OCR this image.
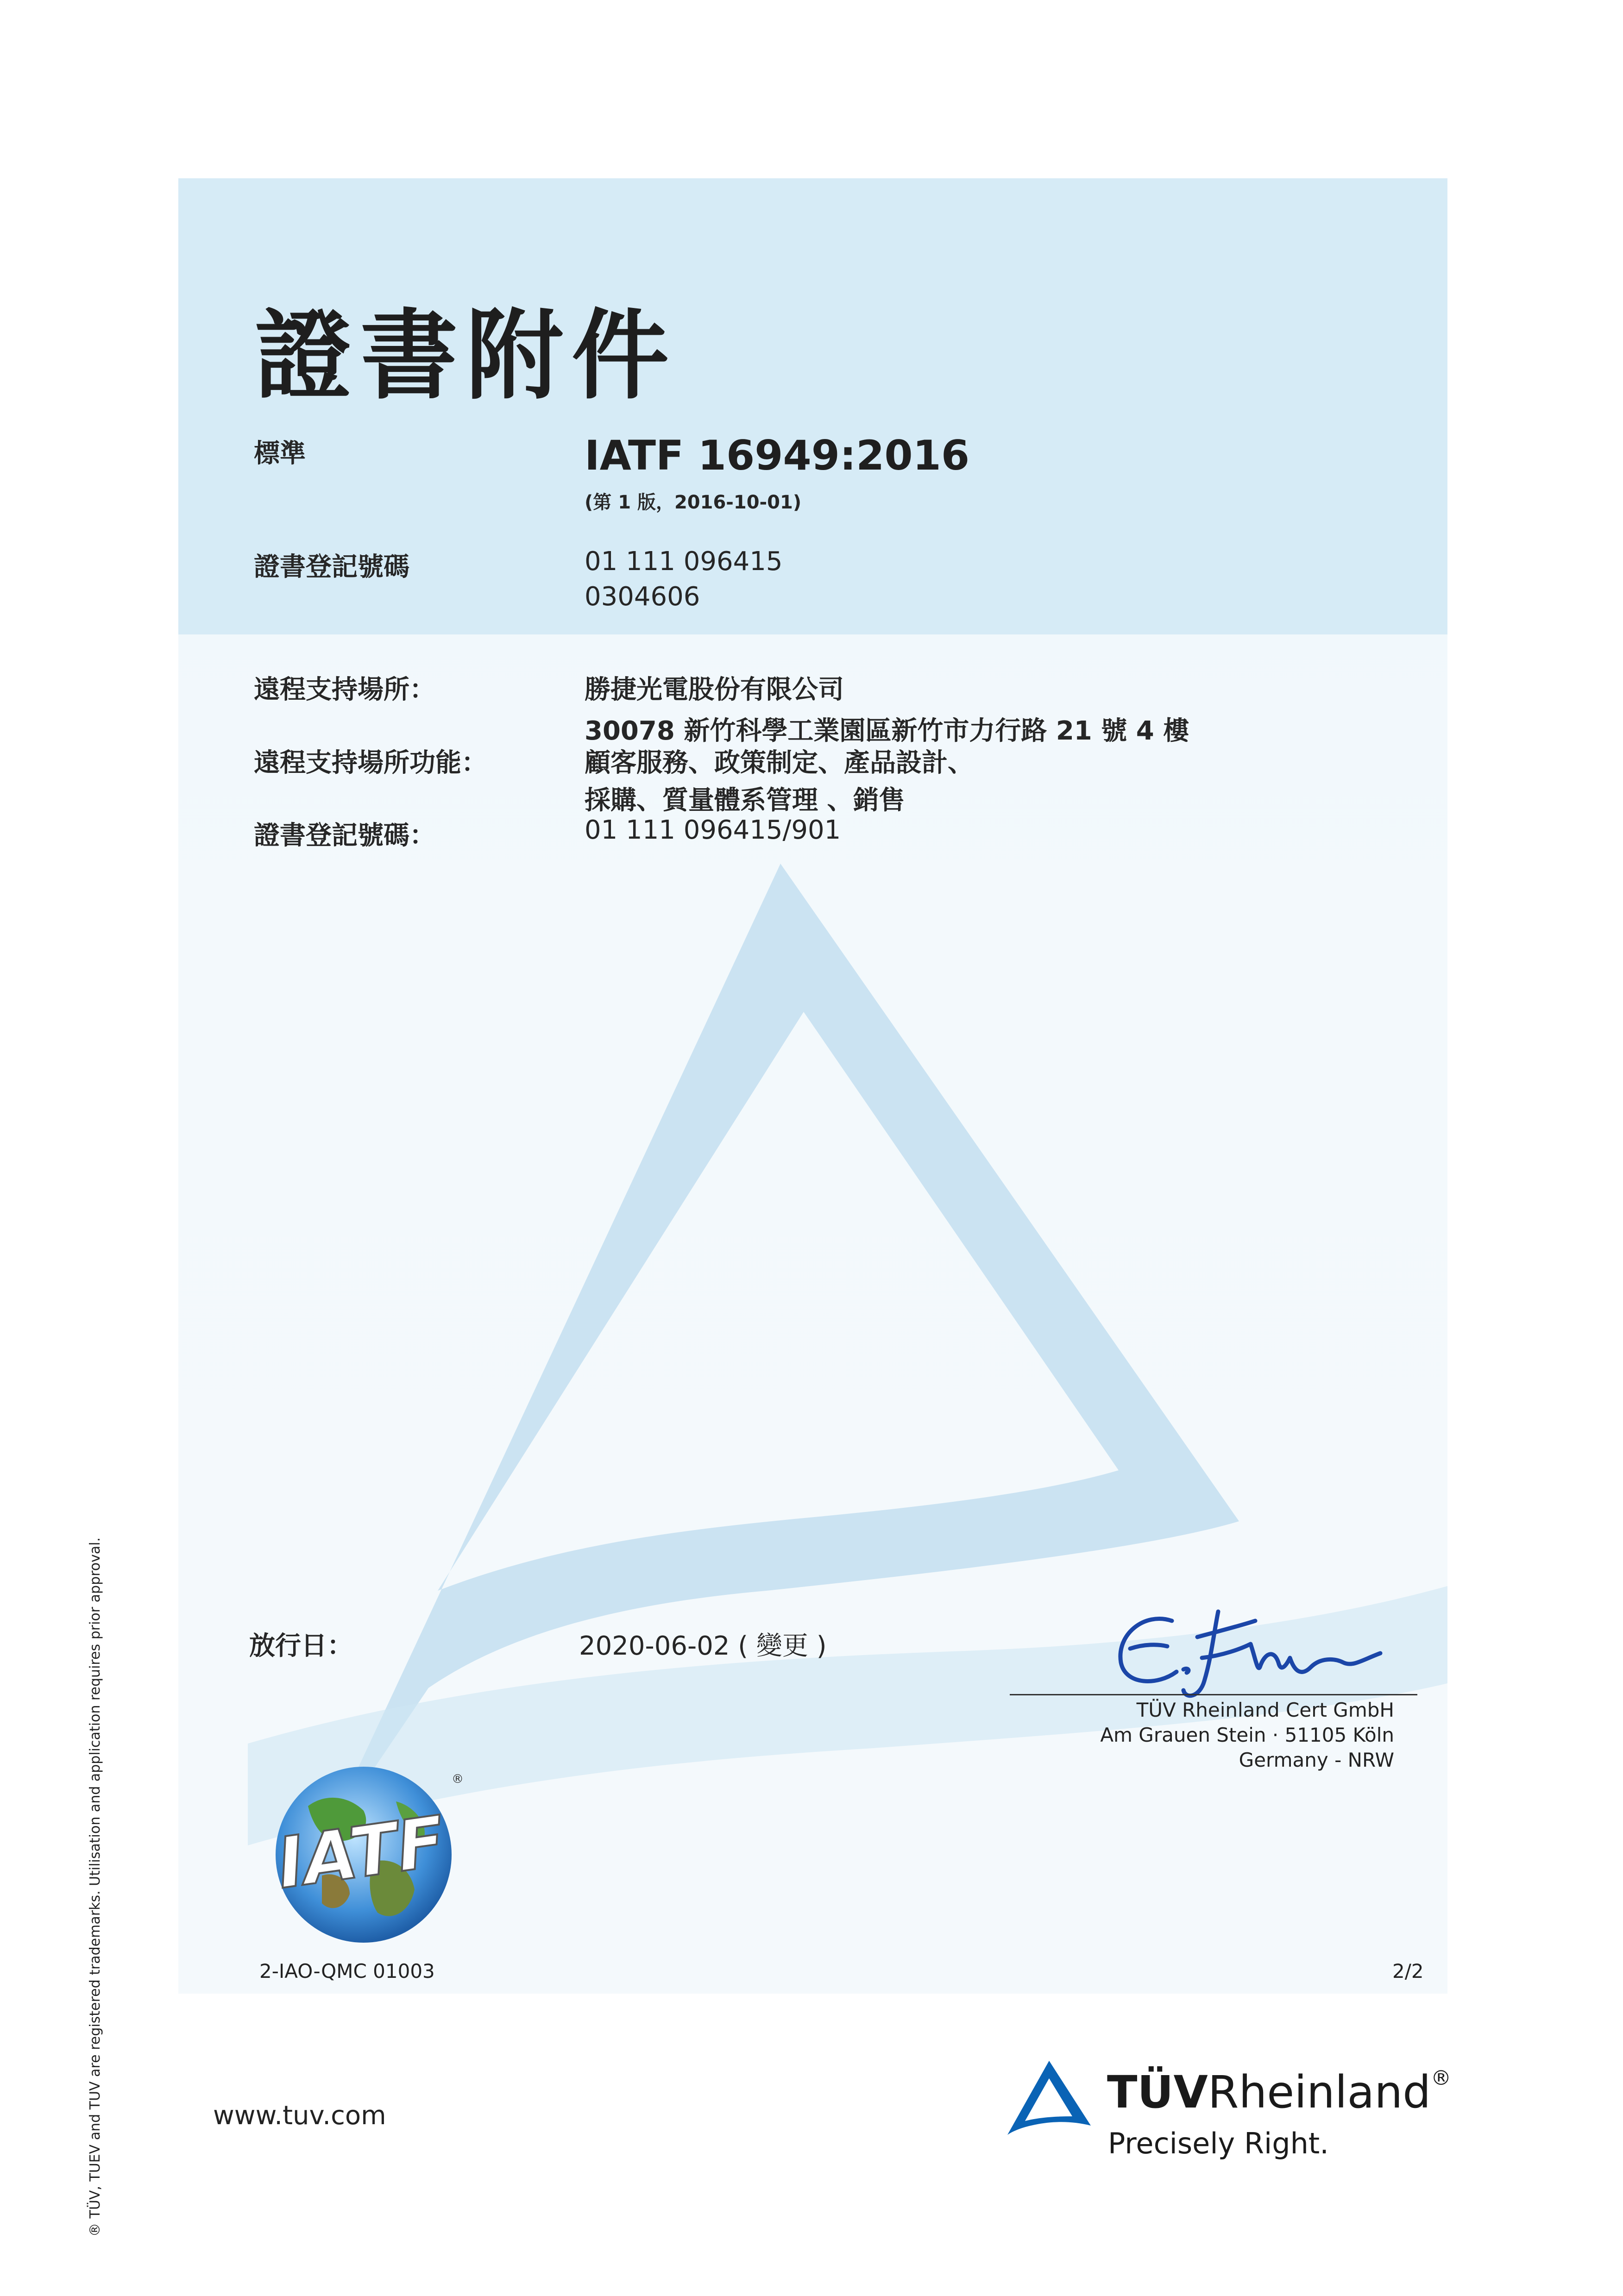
證書附件
標準	IATF 16949:2016
(第 1 版，2016-10-01)
證書登記號碼	01 111 096415
0304606
遠程支持場所：	勝捷光電股份有限公司
30078 新竹科學工業園區新竹市力行路 21 號 4 樓
遠程支持場所功能：	顧客服務、政策制定、產品設計、
採購、質量體系管理 、銷售
證書登記號碼：	01 111 096415/901
放行日：	2020-06-02 ( 變更 )
TÜV Rheinland Cert GmbH
Am Grauen Stein · 51105 Köln
Germany - NRW
IATF
®
2-IAO-QMC 01003	2/2
® TÜV, TUEV and TUV are registered trademarks. Utilisation and application requires prior approval.	www.tuv.com	TÜVRheinland®
Precisely Right.
